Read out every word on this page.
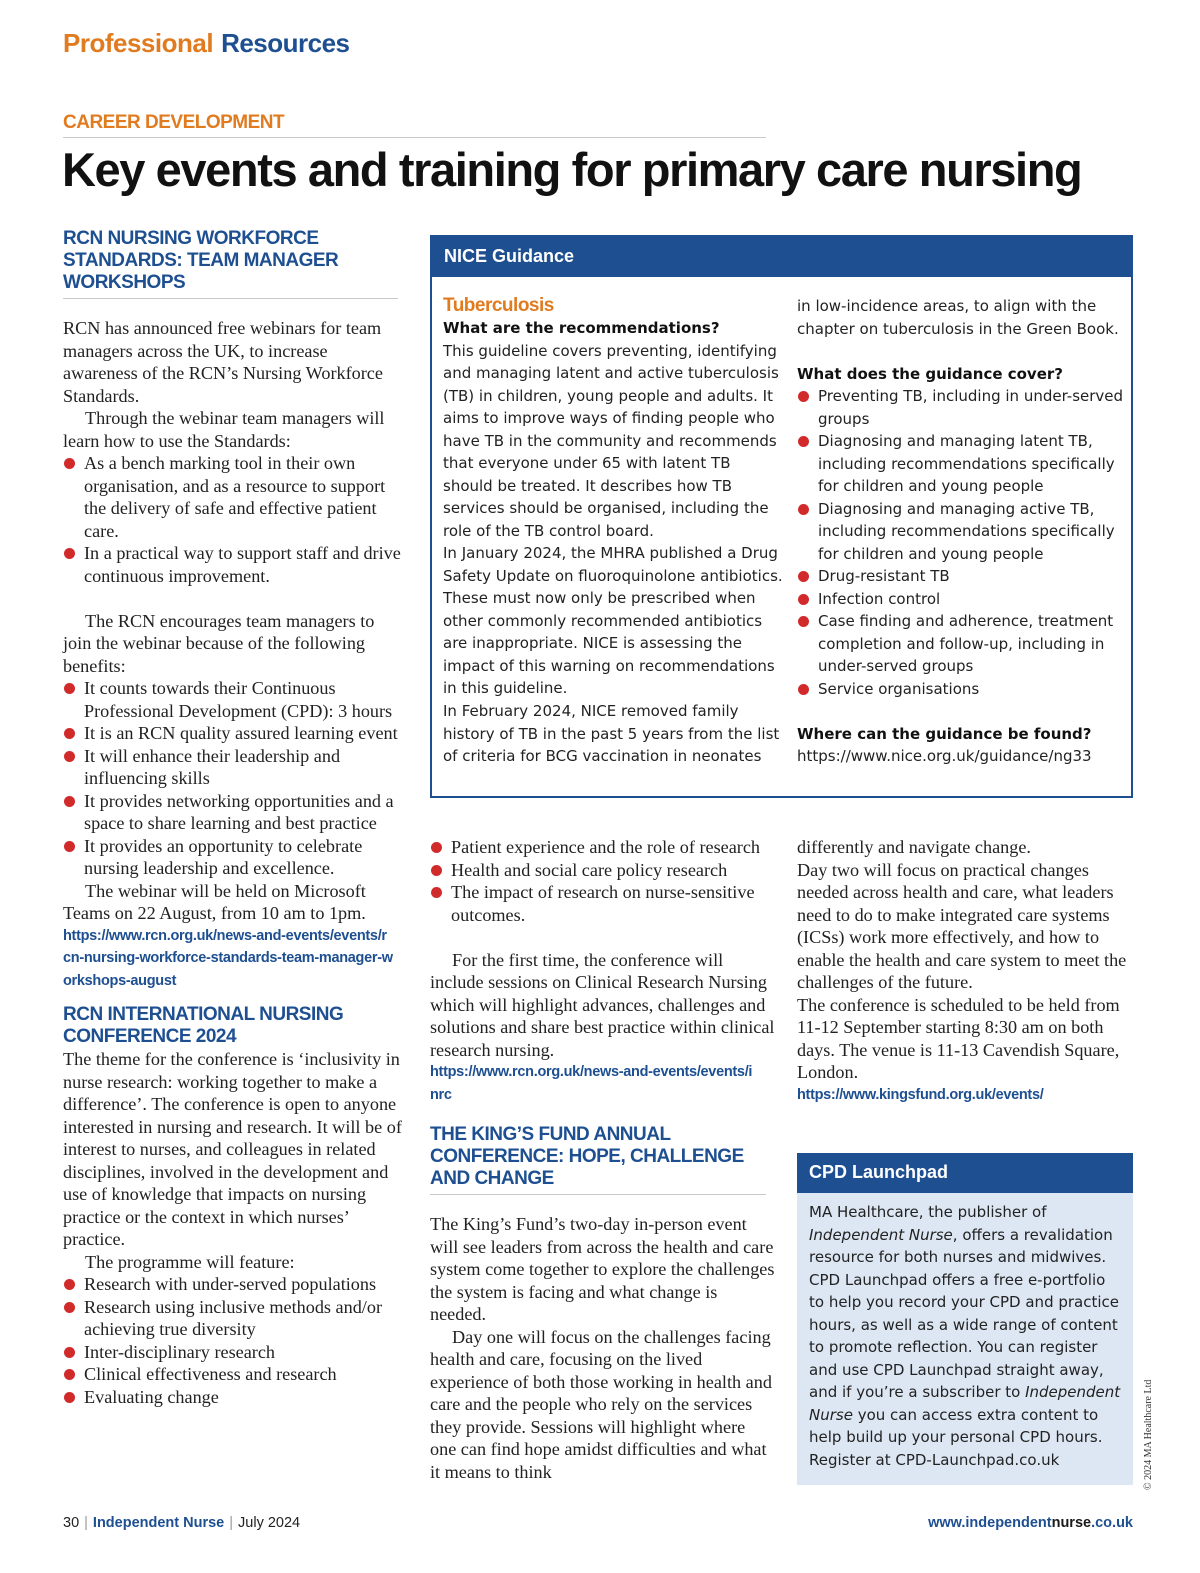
Professional Resources
CAREER DEVELOPMENT
Key events and training for primary care nursing
RCN NURSING WORKFORCE STANDARDS: TEAM MANAGER WORKSHOPS

RCN has announced free webinars for team managers across the UK, to increase awareness of the RCN’s Nursing Workforce Standards.

Through the webinar team managers will learn how to use the Standards:

As a bench marking tool in their own organisation, and as a resource to support the delivery of safe and effective patient care.
In a practical way to support staff and drive continuous improvement.

The RCN encourages team managers to join the webinar because of the following benefits:

It counts towards their Continuous Professional Development (CPD): 3 hours
It is an RCN quality assured learning event
It will enhance their leadership and influencing skills
It provides networking opportunities and a space to share learning and best practice
It provides an opportunity to celebrate nursing leadership and excellence.

The webinar will be held on Microsoft Teams on 22 August, from 10 am to 1pm.

https://www.rcn.org.uk/news-and-events/events/rcn-nursing-workforce-standards-team-manager-workshops-august
RCN INTERNATIONAL NURSING CONFERENCE 2024

The theme for the conference is ‘inclusivity in nurse research: working together to make a difference’. The conference is open to anyone interested in nursing and research. It will be of interest to nurses, and colleagues in related disciplines, involved in the development and use of knowledge that impacts on nursing practice or the context in which nurses’ practice.

The programme will feature:

Research with under-served populations
Research using inclusive methods and/or achieving true diversity
Inter-disciplinary research
Clinical effectiveness and research
Evaluating change
NICE Guidance
Tuberculosis
What are the recommendations?

This guideline covers preventing, identifying and managing latent and active tuberculosis (TB) in children, young people and adults. It aims to improve ways of finding people who have TB in the community and recommends that everyone under 65 with latent TB should be treated. It describes how TB services should be organised, including the role of the TB control board.

In January 2024, the MHRA published a Drug Safety Update on fluoroquinolone antibiotics. These must now only be prescribed when other commonly recommended antibiotics are inappropriate. NICE is assessing the impact of this warning on recommendations in this guideline.

In February 2024, NICE removed family history of TB in the past 5 years from the list of criteria for BCG vaccination in neonates

in low-incidence areas, to align with the chapter on tuberculosis in the Green Book.

What does the guidance cover?
Preventing TB, including in under-served groups
Diagnosing and managing latent TB, including recommendations specifically for children and young people
Diagnosing and managing active TB, including recommendations specifically for children and young people
Drug-resistant TB
Infection control
Case finding and adherence, treatment completion and follow-up, including in under-served groups
Service organisations
Where can the guidance be found?
https://www.nice.org.uk/guidance/ng33
Patient experience and the role of research
Health and social care policy research
The impact of research on nurse-sensitive outcomes.

For the first time, the conference will include sessions on Clinical Research Nursing which will highlight advances, challenges and solutions and share best practice within clinical research nursing.

https://www.rcn.org.uk/news-and-events/events/inrc
THE KING’S FUND ANNUAL CONFERENCE: HOPE, CHALLENGE AND CHANGE

The King’s Fund’s two-day in-person event will see leaders from across the health and care system come together to explore the challenges the system is facing and what change is needed.

Day one will focus on the challenges facing health and care, focusing on the lived experience of both those working in health and care and the people who rely on the services they provide. Sessions will highlight where one can find hope amidst difficulties and what it means to think

differently and navigate change.

Day two will focus on practical changes needed across health and care, what leaders need to do to make integrated care systems (ICSs) work more effectively, and how to enable the health and care system to meet the challenges of the future.

The conference is scheduled to be held from 11-12 September starting 8:30 am on both days. The venue is 11-13 Cavendish Square, London.

https://www.kingsfund.org.uk/events/
CPD Launchpad
MA Healthcare, the publisher of Independent Nurse, offers a revalidation resource for both nurses and midwives. CPD Launchpad offers a free e-portfolio to help you record your CPD and practice hours, as well as a wide range of content to promote reflection. You can register and use CPD Launchpad straight away, and if you’re a subscriber to Independent Nurse you can access extra content to help build up your personal CPD hours. Register at CPD-Launchpad.co.uk	© 2024 MA Healthcare Ltd
30 | Independent Nurse | July 2024	www.independentnurse.co.uk
